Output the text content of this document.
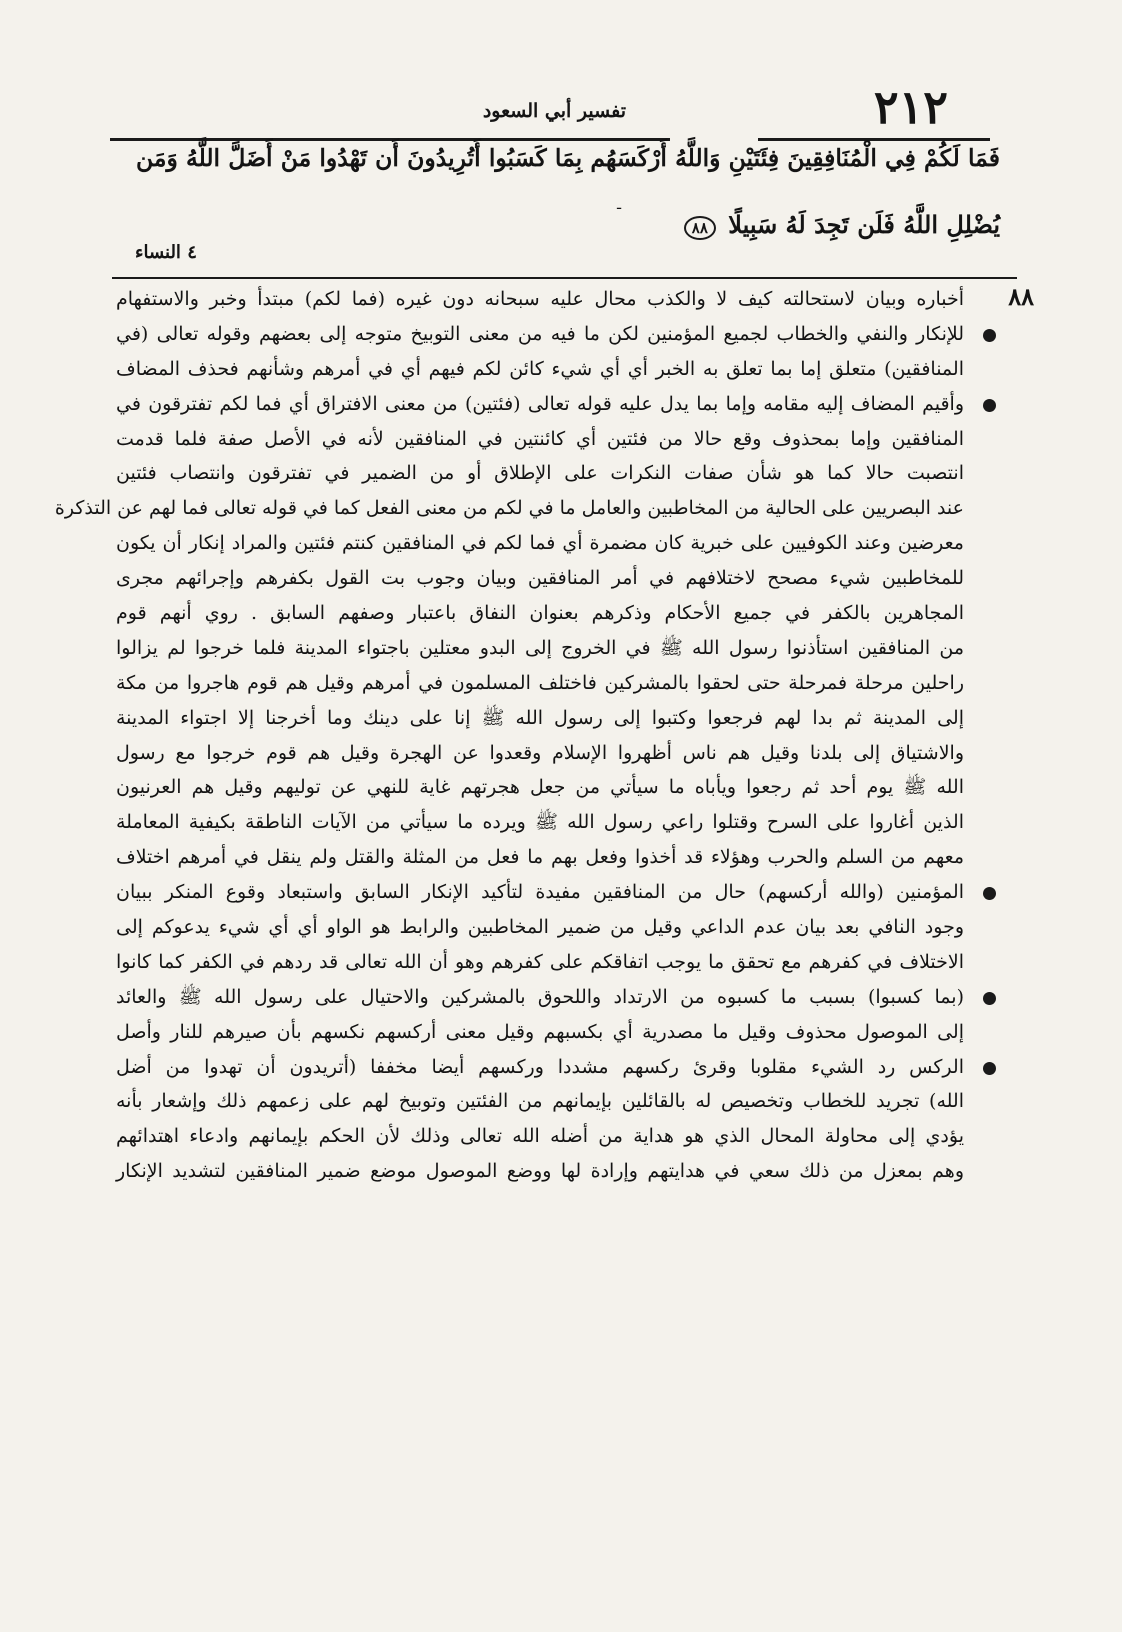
٢١٢
تفسير أبي السعود
فَمَا لَكُمْ فِي الْمُنَافِقِينَ فِئَتَيْنِ وَاللَّهُ أَرْكَسَهُم بِمَا كَسَبُوا أَتُرِيدُونَ أَن تَهْدُوا مَنْ أَضَلَّ اللَّهُ وَمَن
يُضْلِلِ اللَّهُ فَلَن تَجِدَ لَهُ سَبِيلًا ٨٨
ـ
٤ النساء
٨٨
أخباره وبيان لاستحالته كيف لا والكذب محال عليه سبحانه دون غيره (فما لكم) مبتدأ وخبر والاستفهام
للإنكار والنفي والخطاب لجميع المؤمنين لكن ما فيه من معنى التوبيخ متوجه إلى بعضهم وقوله تعالى (في
المنافقين) متعلق إما بما تعلق به الخبر أي أي شيء كائن لكم فيهم أي في أمرهم وشأنهم فحذف المضاف
وأقيم المضاف إليه مقامه وإما بما يدل عليه قوله تعالى (فئتين) من معنى الافتراق أي فما لكم تفترقون في
المنافقين وإما بمحذوف وقع حالا من فئتين أي كائنتين في المنافقين لأنه في الأصل صفة فلما قدمت
انتصبت حالا كما هو شأن صفات النكرات على الإطلاق أو من الضمير في تفترقون وانتصاب فئتين
عند البصريين على الحالية من المخاطبين والعامل ما في لكم من معنى الفعل كما في قوله تعالى فما لهم عن التذكرة
معرضين وعند الكوفيين على خبرية كان مضمرة أي فما لكم في المنافقين كنتم فئتين والمراد إنكار أن يكون
للمخاطبين شيء مصحح لاختلافهم في أمر المنافقين وبيان وجوب بت القول بكفرهم وإجرائهم مجرى
المجاهرين بالكفر في جميع الأحكام وذكرهم بعنوان النفاق باعتبار وصفهم السابق . روي أنهم قوم
من المنافقين استأذنوا رسول الله ﷺ في الخروج إلى البدو معتلين باجتواء المدينة فلما خرجوا لم يزالوا
راحلين مرحلة فمرحلة حتى لحقوا بالمشركين فاختلف المسلمون في أمرهم وقيل هم قوم هاجروا من مكة
إلى المدينة ثم بدا لهم فرجعوا وكتبوا إلى رسول الله ﷺ إنا على دينك وما أخرجنا إلا اجتواء المدينة
والاشتياق إلى بلدنا وقيل هم ناس أظهروا الإسلام وقعدوا عن الهجرة وقيل هم قوم خرجوا مع رسول
الله ﷺ يوم أحد ثم رجعوا ويأباه ما سيأتي من جعل هجرتهم غاية للنهي عن توليهم وقيل هم العرنيون
الذين أغاروا على السرح وقتلوا راعي رسول الله ﷺ ويرده ما سيأتي من الآيات الناطقة بكيفية المعاملة
معهم من السلم والحرب وهؤلاء قد أخذوا وفعل بهم ما فعل من المثلة والقتل ولم ينقل في أمرهم اختلاف
المؤمنين (والله أركسهم) حال من المنافقين مفيدة لتأكيد الإنكار السابق واستبعاد وقوع المنكر ببيان
وجود النافي بعد بيان عدم الداعي وقيل من ضمير المخاطبين والرابط هو الواو أي أي شيء يدعوكم إلى
الاختلاف في كفرهم مع تحقق ما يوجب اتفاقكم على كفرهم وهو أن الله تعالى قد ردهم في الكفر كما كانوا
(بما كسبوا) بسبب ما كسبوه من الارتداد واللحوق بالمشركين والاحتيال على رسول الله ﷺ والعائد
إلى الموصول محذوف وقيل ما مصدرية أي بكسبهم وقيل معنى أركسهم نكسهم بأن صيرهم للنار وأصل
الركس رد الشيء مقلوبا وقرئ ركسهم مشددا وركسهم أيضا مخففا (أتريدون أن تهدوا من أضل
الله) تجريد للخطاب وتخصيص له بالقائلين بإيمانهم من الفئتين وتوبيخ لهم على زعمهم ذلك وإشعار بأنه
يؤدي إلى محاولة المحال الذي هو هداية من أضله الله تعالى وذلك لأن الحكم بإيمانهم وادعاء اهتدائهم
وهم بمعزل من ذلك سعي في هدايتهم وإرادة لها ووضع الموصول موضع ضمير المنافقين لتشديد الإنكار
